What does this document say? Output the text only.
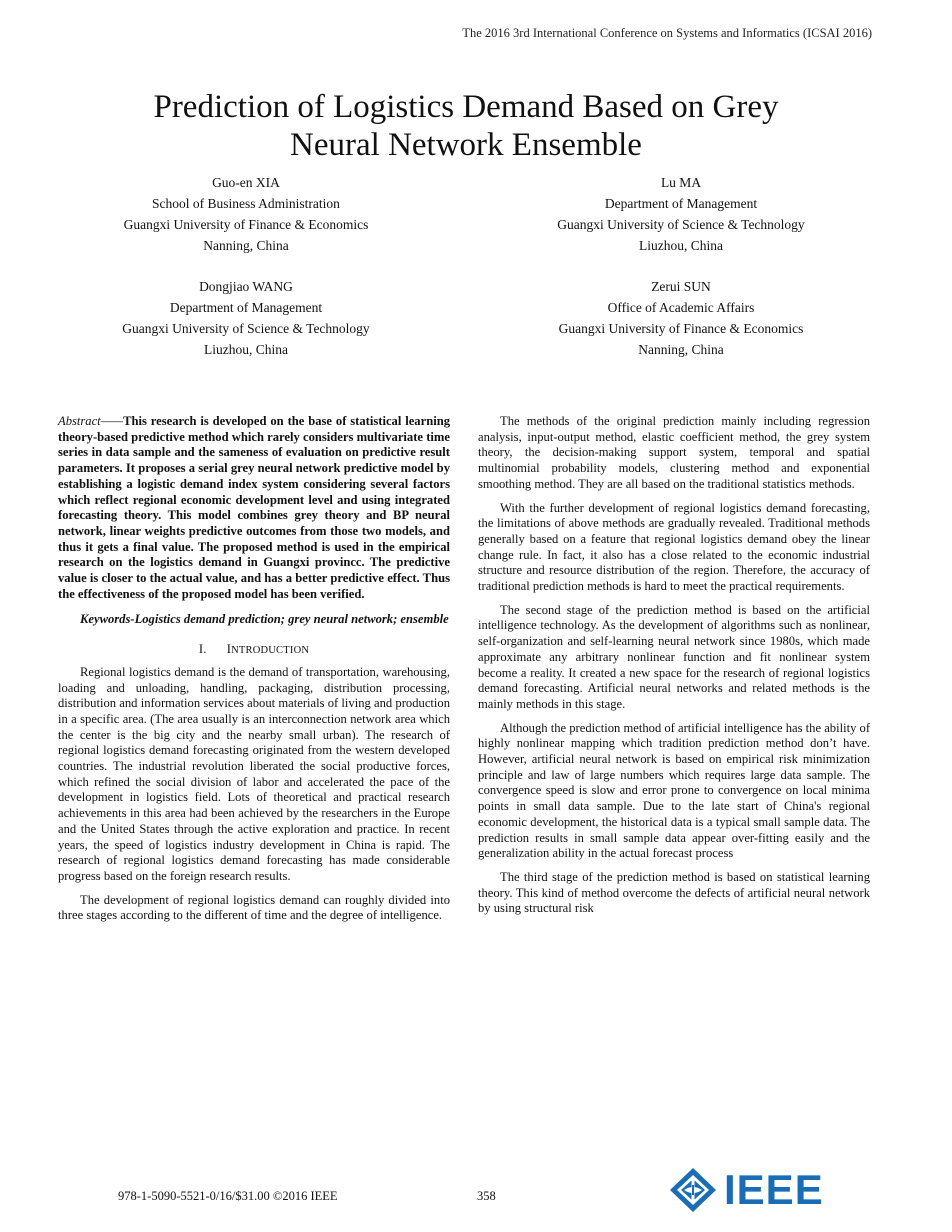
The 2016 3rd International Conference on Systems and Informatics (ICSAI 2016)
Prediction of Logistics Demand Based on Grey
Neural Network Ensemble
Guo-en XIA
School of Business Administration
Guangxi University of Finance & Economics
Nanning, China
Lu MA
Department of Management
Guangxi University of Science & Technology
Liuzhou, China
Dongjiao WANG
Department of Management
Guangxi University of Science & Technology
Liuzhou, China
Zerui SUN
Office of Academic Affairs
Guangxi University of Finance & Economics
Nanning, China

Abstract——This research is developed on the base of statistical learning theory-based predictive method which rarely considers multivariate time series in data sample and the sameness of evaluation on predictive result parameters. It proposes a serial grey neural network predictive model by establishing a logistic demand index system considering several factors which reflect regional economic development level and using integrated forecasting theory. This model combines grey theory and BP neural network, linear weights predictive outcomes from those two models, and thus it gets a final value. The proposed method is used in the empirical research on the logistics demand in Guangxi provincc. The predictive value is closer to the actual value, and has a better predictive effect. Thus the effectiveness of the proposed model has been verified.

Keywords-Logistics demand prediction; grey neural network; ensemble

I. INTRODUCTION

Regional logistics demand is the demand of transportation, warehousing, loading and unloading, handling, packaging, distribution processing, distribution and information services about materials of living and production in a specific area. (The area usually is an interconnection network area which the center is the big city and the nearby small urban). The research of regional logistics demand forecasting originated from the western developed countries. The industrial revolution liberated the social productive forces, which refined the social division of labor and accelerated the pace of the development in logistics field. Lots of theoretical and practical research achievements in this area had been achieved by the researchers in the Europe and the United States through the active exploration and practice. In recent years, the speed of logistics industry development in China is rapid. The research of regional logistics demand forecasting has made considerable progress based on the foreign research results.

The development of regional logistics demand can roughly divided into three stages according to the different of time and the degree of intelligence.

The methods of the original prediction mainly including regression analysis, input-output method, elastic coefficient method, the grey system theory, the decision-making support system, temporal and spatial multinomial probability models, clustering method and exponential smoothing method. They are all based on the traditional statistics methods.

With the further development of regional logistics demand forecasting, the limitations of above methods are gradually revealed. Traditional methods generally based on a feature that regional logistics demand obey the linear change rule. In fact, it also has a close related to the economic industrial structure and resource distribution of the region. Therefore, the accuracy of traditional prediction methods is hard to meet the practical requirements.

The second stage of the prediction method is based on the artificial intelligence technology. As the development of algorithms such as nonlinear, self-organization and self-learning neural network since 1980s, which made approximate any arbitrary nonlinear function and fit nonlinear system become a reality. It created a new space for the research of regional logistics demand forecasting. Artificial neural networks and related methods is the mainly methods in this stage.

Although the prediction method of artificial intelligence has the ability of highly nonlinear mapping which tradition prediction method don’t have. However, artificial neural network is based on empirical risk minimization principle and law of large numbers which requires large data sample. The convergence speed is slow and error prone to convergence on local minima points in small data sample. Due to the late start of China's regional economic development, the historical data is a typical small sample data. The prediction results in small sample data appear over-fitting easily and the generalization ability in the actual forecast process

The third stage of the prediction method is based on statistical learning theory. This kind of method overcome the defects of artificial neural network by using structural risk

978-1-5090-5521-0/16/$31.00 ©2016 IEEE	358	IEEE
